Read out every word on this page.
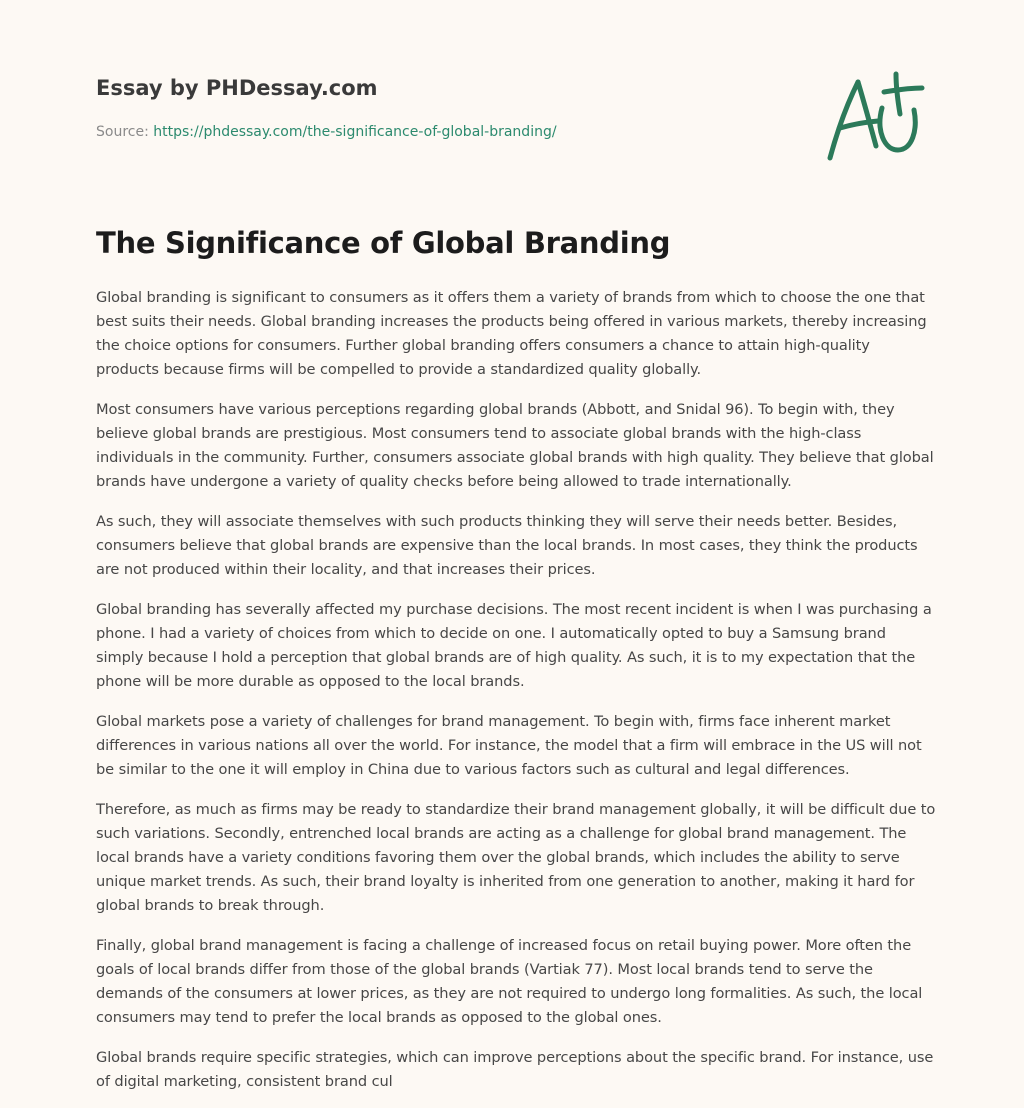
Essay by PHDessay.com
Source: https://phdessay.com/the-significance-of-global-branding/
The Significance of Global Branding

Global branding is significant to consumers as it offers them a variety of brands from which to choose the one that best suits their needs. Global branding increases the products being offered in various markets, thereby increasing the choice options for consumers. Further global branding offers consumers a chance to attain high-quality products because firms will be compelled to provide a standardized quality globally.

Most consumers have various perceptions regarding global brands (Abbott, and Snidal 96). To begin with, they believe global brands are prestigious. Most consumers tend to associate global brands with the high-class individuals in the community. Further, consumers associate global brands with high quality. They believe that global brands have undergone a variety of quality checks before being allowed to trade internationally.

As such, they will associate themselves with such products thinking they will serve their needs better. Besides, consumers believe that global brands are expensive than the local brands. In most cases, they think the products are not produced within their locality, and that increases their prices.

Global branding has severally affected my purchase decisions. The most recent incident is when I was purchasing a phone. I had a variety of choices from which to decide on one. I automatically opted to buy a Samsung brand simply because I hold a perception that global brands are of high quality. As such, it is to my expectation that the phone will be more durable as opposed to the local brands.

Global markets pose a variety of challenges for brand management. To begin with, firms face inherent market differences in various nations all over the world. For instance, the model that a firm will embrace in the US will not be similar to the one it will employ in China due to various factors such as cultural and legal differences.

Therefore, as much as firms may be ready to standardize their brand management globally, it will be difficult due to such variations. Secondly, entrenched local brands are acting as a challenge for global brand management. The local brands have a variety conditions favoring them over the global brands, which includes the ability to serve unique market trends. As such, their brand loyalty is inherited from one generation to another, making it hard for global brands to break through.

Finally, global brand management is facing a challenge of increased focus on retail buying power. More often the goals of local brands differ from those of the global brands (Vartiak 77). Most local brands tend to serve the demands of the consumers at lower prices, as they are not required to undergo long formalities. As such, the local consumers may tend to prefer the local brands as opposed to the global ones.

Global brands require specific strategies, which can improve perceptions about the specific brand. For instance, use of digital marketing, consistent brand cul
